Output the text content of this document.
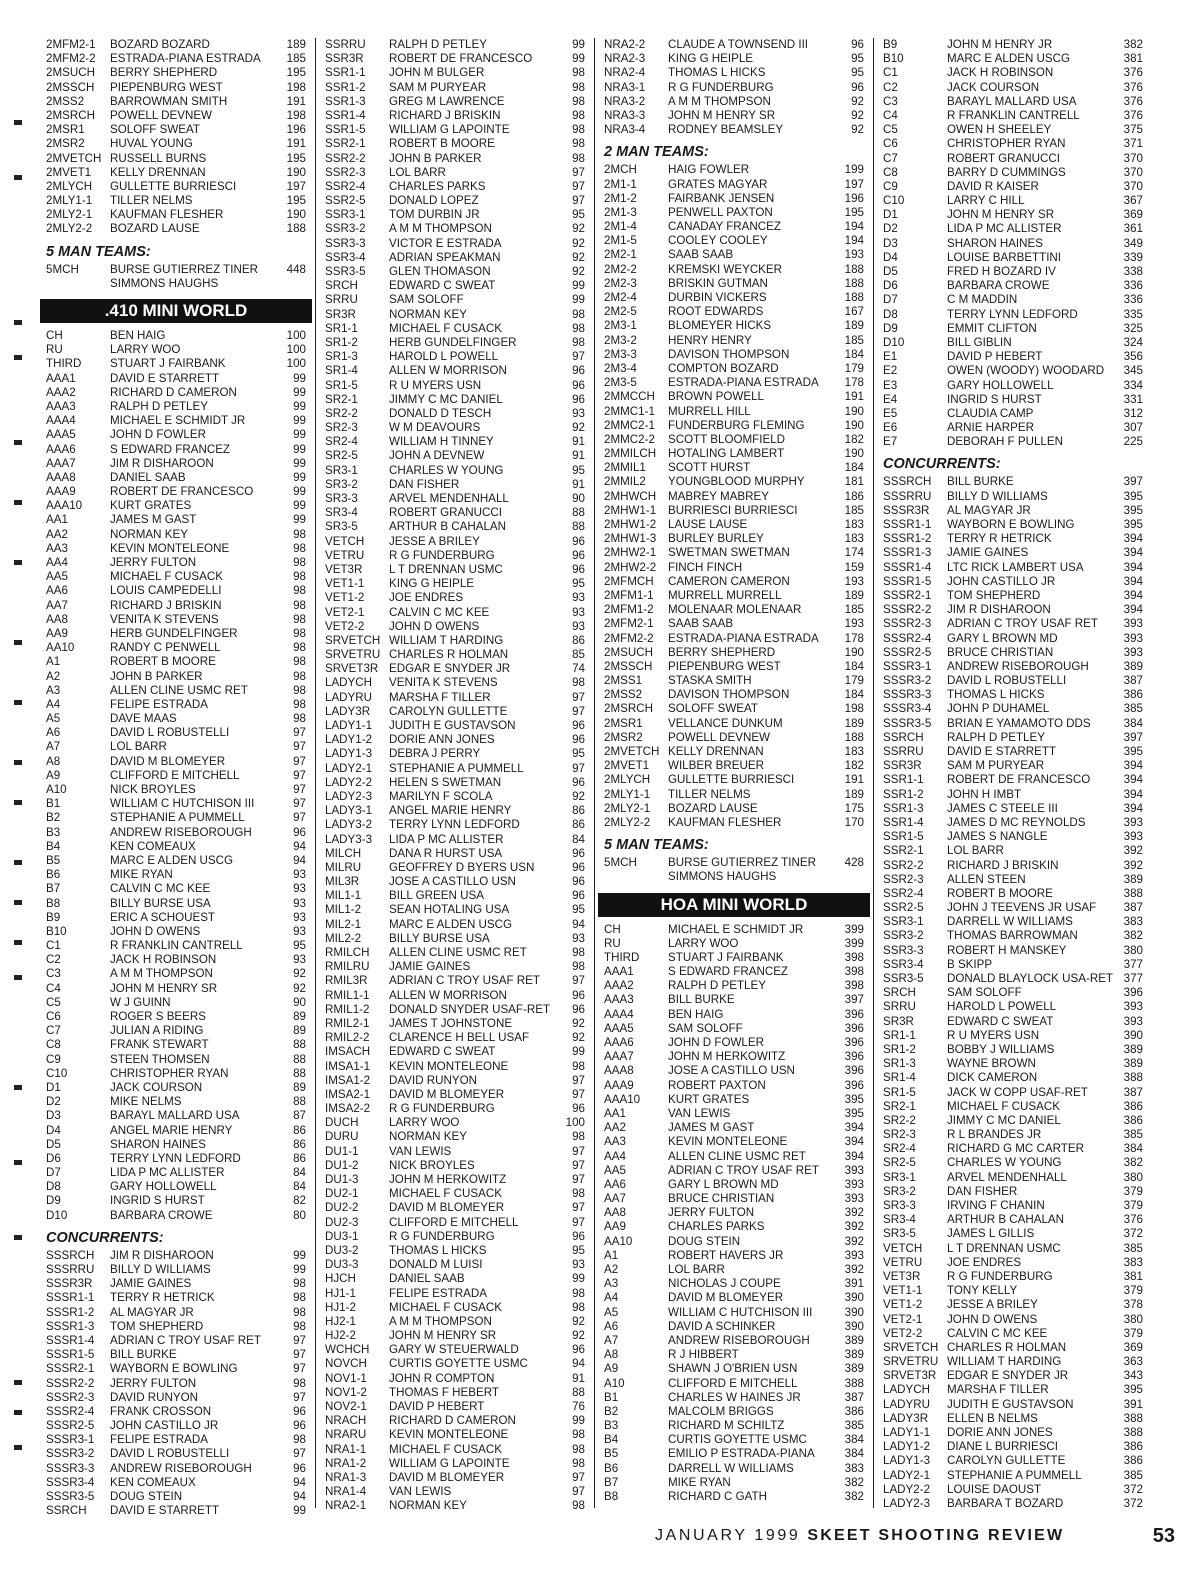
2MFM2-1	BOZARD BOZARD	189
2MFM2-2	ESTRADA-PIANA ESTRADA	185
2MSUCH	BERRY SHEPHERD	195
2MSSCH	PIEPENBURG WEST	198
2MSS2	BARROWMAN SMITH	191
2MSRCH	POWELL DEVNEW	198
2MSR1	SOLOFF SWEAT	196
2MSR2	HUVAL YOUNG	191
2MVETCH RUSSELL BURNS	195
2MVET1	KELLY DRENNAN	190
2MLYCH	GULLETTE BURRIESCI	197
2MLY1-1	TILLER NELMS	195
2MLY2-1	KAUFMAN FLESHER	190
2MLY2-2	BOZARD LAUSE	188
5 MAN TEAMS:
5MCH	BURSE GUTIERREZ TINER	448
SIMMONS HAUGHS
.410 MINI WORLD
CH	BEN HAIG	100
RU	LARRY WOO	100
THIRD	STUART J FAIRBANK	100
AAA1	DAVID E STARRETT	99
AAA2	RICHARD D CAMERON	99
AAA3	RALPH D PETLEY	99
AAA4	MICHAEL E SCHMIDT JR	99
AAA5	JOHN D FOWLER	99
AAA6	S EDWARD FRANCEZ	99
AAA7	JIM R DISHAROON	99
AAA8	DANIEL SAAB	99
AAA9	ROBERT DE FRANCESCO	99
AAA10	KURT GRATES	99
AA1	JAMES M GAST	99
AA2	NORMAN KEY	98
AA3	KEVIN MONTELEONE	98
AA4	JERRY FULTON	98
AA5	MICHAEL F CUSACK	98
AA6	LOUIS CAMPEDELLI	98
AA7	RICHARD J BRISKIN	98
AA8	VENITA K STEVENS	98
AA9	HERB GUNDELFINGER	98
AA10	RANDY C PENWELL	98
A1	ROBERT B MOORE	98
A2	JOHN B PARKER	98
A3	ALLEN CLINE USMC RET	98
A4	FELIPE ESTRADA	98
A5	DAVE MAAS	98
A6	DAVID L ROBUSTELLI	97
A7	LOL BARR	97
A8	DAVID M BLOMEYER	97
A9	CLIFFORD E MITCHELL	97
A10	NICK BROYLES	97
B1	WILLIAM C HUTCHISON III	97
B2	STEPHANIE A PUMMELL	97
B3	ANDREW RISEBOROUGH	96
B4	KEN COMEAUX	94
B5	MARC E ALDEN USCG	94
B6	MIKE RYAN	93
B7	CALVIN C MC KEE	93
B8	BILLY BURSE USA	93
B9	ERIC A SCHOUEST	93
B10	JOHN D OWENS	93
C1	R FRANKLIN CANTRELL	95
C2	JACK H ROBINSON	93
C3	A M M THOMPSON	92
C4	JOHN M HENRY SR	92
C5	W J GUINN	90
C6	ROGER S BEERS	89
C7	JULIAN A RIDING	89
C8	FRANK STEWART	88
C9	STEEN THOMSEN	88
C10	CHRISTOPHER RYAN	88
D1	JACK COURSON	89
D2	MIKE NELMS	88
D3	BARAYL MALLARD USA	87
D4	ANGEL MARIE HENRY	86
D5	SHARON HAINES	86
D6	TERRY LYNN LEDFORD	86
D7	LIDA P MC ALLISTER	84
D8	GARY HOLLOWELL	84
D9	INGRID S HURST	82
D10	BARBARA CROWE	80
CONCURRENTS:
SSSRCH	JIM R DISHAROON	99
SSSRRU	BILLY D WILLIAMS	99
SSSR3R	JAMIE GAINES	98
SSSR1-1	TERRY R HETRICK	98
SSSR1-2	AL MAGYAR JR	98
SSSR1-3	TOM SHEPHERD	98
SSSR1-4	ADRIAN C TROY USAF RET	97
SSSR1-5	BILL BURKE	97
SSSR2-1	WAYBORN E BOWLING	97
SSSR2-2	JERRY FULTON	98
SSSR2-3	DAVID RUNYON	97
SSSR2-4	FRANK CROSSON	96
SSSR2-5	JOHN CASTILLO JR	96
SSSR3-1	FELIPE ESTRADA	98
SSSR3-2	DAVID L ROBUSTELLI	97
SSSR3-3	ANDREW RISEBOROUGH	96
SSSR3-4	KEN COMEAUX	94
SSSR3-5	DOUG STEIN	94
SSRCH	DAVID E STARRETT	99
SSRRU	RALPH D PETLEY	99
SSR3R	ROBERT DE FRANCESCO	99
SSR1-1	JOHN M BULGER	98
SSR1-2	SAM M PURYEAR	98
SSR1-3	GREG M LAWRENCE	98
SSR1-4	RICHARD J BRISKIN	98
SSR1-5	WILLIAM G LAPOINTE	98
SSR2-1	ROBERT B MOORE	98
SSR2-2	JOHN B PARKER	98
SSR2-3	LOL BARR	97
SSR2-4	CHARLES PARKS	97
SSR2-5	DONALD LOPEZ	97
SSR3-1	TOM DURBIN JR	95
SSR3-2	A M M THOMPSON	92
SSR3-3	VICTOR E ESTRADA	92
SSR3-4	ADRIAN SPEAKMAN	92
SSR3-5	GLEN THOMASON	92
SRCH	EDWARD C SWEAT	99
SRRU	SAM SOLOFF	99
SR3R	NORMAN KEY	98
SR1-1	MICHAEL F CUSACK	98
SR1-2	HERB GUNDELFINGER	98
SR1-3	HAROLD L POWELL	97
SR1-4	ALLEN W MORRISON	96
SR1-5	R U MYERS USN	96
SR2-1	JIMMY C MC DANIEL	96
SR2-2	DONALD D TESCH	93
SR2-3	W M DEAVOURS	92
SR2-4	WILLIAM H TINNEY	91
SR2-5	JOHN A DEVNEW	91
SR3-1	CHARLES W YOUNG	95
SR3-2	DAN FISHER	91
SR3-3	ARVEL MENDENHALL	90
SR3-4	ROBERT GRANUCCI	88
SR3-5	ARTHUR B CAHALAN	88
VETCH	JESSE A BRILEY	96
VETRU	R G FUNDERBURG	96
VET3R	L T DRENNAN USMC	96
VET1-1	KING G HEIPLE	95
VET1-2	JOE ENDRES	93
VET2-1	CALVIN C MC KEE	93
VET2-2	JOHN D OWENS	93
SRVETCH WILLIAM T HARDING	86
SRVETRU CHARLES R HOLMAN	85
SRVET3R EDGAR E SNYDER JR	74
LADYCH	VENITA K STEVENS	98
LADYRU	MARSHA F TILLER	97
LADY3R	CAROLYN GULLETTE	97
LADY1-1	JUDITH E GUSTAVSON	96
LADY1-2	DORIE ANN JONES	96
LADY1-3	DEBRA J PERRY	95
LADY2-1	STEPHANIE A PUMMELL	97
LADY2-2	HELEN S SWETMAN	96
LADY2-3	MARILYN F SCOLA	92
LADY3-1	ANGEL MARIE HENRY	86
LADY3-2	TERRY LYNN LEDFORD	86
LADY3-3	LIDA P MC ALLISTER	84
MILCH	DANA R HURST USA	96
MILRU	GEOFFREY D BYERS USN	96
MIL3R	JOSE A CASTILLO USN	96
MIL1-1	BILL GREEN USA	96
MIL1-2	SEAN HOTALING USA	95
MIL2-1	MARC E ALDEN USCG	94
MIL2-2	BILLY BURSE USA	93
RMILCH	ALLEN CLINE USMC RET	98
RMILRU	JAMIE GAINES	98
RMIL3R	ADRIAN C TROY USAF RET	97
RMIL1-1	ALLEN W MORRISON	96
RMIL1-2	DONALD SNYDER USAF-RET	96
RMIL2-1	JAMES T JOHNSTONE	92
RMIL2-2	CLARENCE H BELL USAF	92
IMSACH	EDWARD C SWEAT	99
IMSA1-1	KEVIN MONTELEONE	98
IMSA1-2	DAVID RUNYON	97
IMSA2-1	DAVID M BLOMEYER	97
IMSA2-2	R G FUNDERBURG	96
DUCH	LARRY WOO	100
DURU	NORMAN KEY	98
DU1-1	VAN LEWIS	97
DU1-2	NICK BROYLES	97
DU1-3	JOHN M HERKOWITZ	97
DU2-1	MICHAEL F CUSACK	98
DU2-2	DAVID M BLOMEYER	97
DU2-3	CLIFFORD E MITCHELL	97
DU3-1	R G FUNDERBURG	96
DU3-2	THOMAS L HICKS	95
DU3-3	DONALD M LUISI	93
HJCH	DANIEL SAAB	99
HJ1-1	FELIPE ESTRADA	98
HJ1-2	MICHAEL F CUSACK	98
HJ2-1	A M M THOMPSON	92
HJ2-2	JOHN M HENRY SR	92
WCHCH	GARY W STEUERWALD	96
NOVCH	CURTIS GOYETTE USMC	94
NOV1-1	JOHN R COMPTON	91
NOV1-2	THOMAS F HEBERT	88
NOV2-1	DAVID P HEBERT	76
NRACH	RICHARD D CAMERON	99
NRARU	KEVIN MONTELEONE	98
NRA1-1	MICHAEL F CUSACK	98
NRA1-2	WILLIAM G LAPOINTE	98
NRA1-3	DAVID M BLOMEYER	97
NRA1-4	VAN LEWIS	97
NRA2-1	NORMAN KEY	98
NRA2-2	CLAUDE A TOWNSEND III	96
NRA2-3	KING G HEIPLE	95
NRA2-4	THOMAS L HICKS	95
NRA3-1	R G FUNDERBURG	96
NRA3-2	A M M THOMPSON	92
NRA3-3	JOHN M HENRY SR	92
NRA3-4	RODNEY BEAMSLEY	92
2 MAN TEAMS:
2MCH	HAIG FOWLER	199
2M1-1	GRATES MAGYAR	197
2M1-2	FAIRBANK JENSEN	196
2M1-3	PENWELL PAXTON	195
2M1-4	CANADAY FRANCEZ	194
2M1-5	COOLEY COOLEY	194
2M2-1	SAAB SAAB	193
2M2-2	KREMSKI WEYCKER	188
2M2-3	BRISKIN GUTMAN	188
2M2-4	DURBIN VICKERS	188
2M2-5	ROOT EDWARDS	167
2M3-1	BLOMEYER HICKS	189
2M3-2	HENRY HENRY	185
2M3-3	DAVISON THOMPSON	184
2M3-4	COMPTON BOZARD	179
2M3-5	ESTRADA-PIANA ESTRADA	178
2MMCCH	BROWN POWELL	191
2MMC1-1	MURRELL HILL	190
2MMC2-1	FUNDERBURG FLEMING	190
2MMC2-2	SCOTT BLOOMFIELD	182
2MMILCH	HOTALING LAMBERT	190
2MMIL1	SCOTT HURST	184
2MMIL2	YOUNGBLOOD MURPHY	181
2MHWCH	MABREY MABREY	186
2MHW1-1	BURRIESCI BURRIESCI	185
2MHW1-2	LAUSE LAUSE	183
2MHW1-3	BURLEY BURLEY	183
2MHW2-1	SWETMAN SWETMAN	174
2MHW2-2	FINCH FINCH	159
2MFMCH	CAMERON CAMERON	193
2MFM1-1	MURRELL MURRELL	189
2MFM1-2	MOLENAAR MOLENAAR	185
2MFM2-1	SAAB SAAB	193
2MFM2-2	ESTRADA-PIANA ESTRADA	178
2MSUCH	BERRY SHEPHERD	190
2MSSCH	PIEPENBURG WEST	184
2MSS1	STASKA SMITH	179
2MSS2	DAVISON THOMPSON	184
2MSRCH	SOLOFF SWEAT	198
2MSR1	VELLANCE DUNKUM	189
2MSR2	POWELL DEVNEW	188
2MVETCH KELLY DRENNAN	183
2MVET1	WILBER BREUER	182
2MLYCH	GULLETTE BURRIESCI	191
2MLY1-1	TILLER NELMS	189
2MLY2-1	BOZARD LAUSE	175
2MLY2-2	KAUFMAN FLESHER	170
5 MAN TEAMS:
5MCH	BURSE GUTIERREZ TINER	428
SIMMONS HAUGHS
HOA MINI WORLD
CH	MICHAEL E SCHMIDT JR	399
RU	LARRY WOO	399
THIRD	STUART J FAIRBANK	398
AAA1	S EDWARD FRANCEZ	398
AAA2	RALPH D PETLEY	398
AAA3	BILL BURKE	397
AAA4	BEN HAIG	396
AAA5	SAM SOLOFF	396
AAA6	JOHN D FOWLER	396
AAA7	JOHN M HERKOWITZ	396
AAA8	JOSE A CASTILLO USN	396
AAA9	ROBERT PAXTON	396
AAA10	KURT GRATES	395
AA1	VAN LEWIS	395
AA2	JAMES M GAST	394
AA3	KEVIN MONTELEONE	394
AA4	ALLEN CLINE USMC RET	394
AA5	ADRIAN C TROY USAF RET	393
AA6	GARY L BROWN MD	393
AA7	BRUCE CHRISTIAN	393
AA8	JERRY FULTON	392
AA9	CHARLES PARKS	392
AA10	DOUG STEIN	392
A1	ROBERT HAVERS JR	393
A2	LOL BARR	392
A3	NICHOLAS J COUPE	391
A4	DAVID M BLOMEYER	390
A5	WILLIAM C HUTCHISON III	390
A6	DAVID A SCHINKER	390
A7	ANDREW RISEBOROUGH	389
A8	R J HIBBERT	389
A9	SHAWN J O'BRIEN USN	389
A10	CLIFFORD E MITCHELL	388
B1	CHARLES W HAINES JR	387
B2	MALCOLM BRIGGS	386
B3	RICHARD M SCHILTZ	385
B4	CURTIS GOYETTE USMC	384
B5	EMILIO P ESTRADA-PIANA	384
B6	DARRELL W WILLIAMS	383
B7	MIKE RYAN	382
B8	RICHARD C GATH	382
B9	JOHN M HENRY JR	382
B10	MARC E ALDEN USCG	381
C1	JACK H ROBINSON	376
C2	JACK COURSON	376
C3	BARAYL MALLARD USA	376
C4	R FRANKLIN CANTRELL	376
C5	OWEN H SHEELEY	375
C6	CHRISTOPHER RYAN	371
C7	ROBERT GRANUCCI	370
C8	BARRY D CUMMINGS	370
C9	DAVID R KAISER	370
C10	LARRY C HILL	367
D1	JOHN M HENRY SR	369
D2	LIDA P MC ALLISTER	361
D3	SHARON HAINES	349
D4	LOUISE BARBETTINI	339
D5	FRED H BOZARD IV	338
D6	BARBARA CROWE	336
D7	C M MADDIN	336
D8	TERRY LYNN LEDFORD	335
D9	EMMIT CLIFTON	325
D10	BILL GIBLIN	324
E1	DAVID P HEBERT	356
E2	OWEN (WOODY) WOODARD	345
E3	GARY HOLLOWELL	334
E4	INGRID S HURST	331
E5	CLAUDIA CAMP	312
E6	ARNIE HARPER	307
E7	DEBORAH F PULLEN	225
CONCURRENTS:
SSSRCH	BILL BURKE	397
SSSRRU	BILLY D WILLIAMS	395
SSSR3R	AL MAGYAR JR	395
SSSR1-1	WAYBORN E BOWLING	395
SSSR1-2	TERRY R HETRICK	394
SSSR1-3	JAMIE GAINES	394
SSSR1-4	LTC RICK LAMBERT USA	394
SSSR1-5	JOHN CASTILLO JR	394
SSSR2-1	TOM SHEPHERD	394
SSSR2-2	JIM R DISHAROON	394
SSSR2-3	ADRIAN C TROY USAF RET	393
SSSR2-4	GARY L BROWN MD	393
SSSR2-5	BRUCE CHRISTIAN	393
SSSR3-1	ANDREW RISEBOROUGH	389
SSSR3-2	DAVID L ROBUSTELLI	387
SSSR3-3	THOMAS L HICKS	386
SSSR3-4	JOHN P DUHAMEL	385
SSSR3-5	BRIAN E YAMAMOTO DDS	384
SSRCH	RALPH D PETLEY	397
SSRRU	DAVID E STARRETT	395
SSR3R	SAM M PURYEAR	394
SSR1-1	ROBERT DE FRANCESCO	394
SSR1-2	JOHN H IMBT	394
SSR1-3	JAMES C STEELE III	394
SSR1-4	JAMES D MC REYNOLDS	393
SSR1-5	JAMES S NANGLE	393
SSR2-1	LOL BARR	392
SSR2-2	RICHARD J BRISKIN	392
SSR2-3	ALLEN STEEN	389
SSR2-4	ROBERT B MOORE	388
SSR2-5	JOHN J TEEVENS JR USAF	387
SSR3-1	DARRELL W WILLIAMS	383
SSR3-2	THOMAS BARROWMAN	382
SSR3-3	ROBERT H MANSKEY	380
SSR3-4	B SKIPP	377
SSR3-5	DONALD BLAYLOCK USA-RET 377
SRCH	SAM SOLOFF	396
SRRU	HAROLD L POWELL	393
SR3R	EDWARD C SWEAT	393
SR1-1	R U MYERS USN	390
SR1-2	BOBBY J WILLIAMS	389
SR1-3	WAYNE BROWN	389
SR1-4	DICK CAMERON	388
SR1-5	JACK W COPP USAF-RET	387
SR2-1	MICHAEL F CUSACK	386
SR2-2	JIMMY C MC DANIEL	386
SR2-3	R L BRANDES JR	385
SR2-4	RICHARD G MC CARTER	384
SR2-5	CHARLES W YOUNG	382
SR3-1	ARVEL MENDENHALL	380
SR3-2	DAN FISHER	379
SR3-3	IRVING F CHANIN	379
SR3-4	ARTHUR B CAHALAN	376
SR3-5	JAMES L GILLIS	372
VETCH	L T DRENNAN USMC	385
VETRU	JOE ENDRES	383
VET3R	R G FUNDERBURG	381
VET1-1	TONY KELLY	379
VET1-2	JESSE A BRILEY	378
VET2-1	JOHN D OWENS	380
VET2-2	CALVIN C MC KEE	379
SRVETCH CHARLES R HOLMAN	369
SRVETRU WILLIAM T HARDING	363
SRVET3R EDGAR E SNYDER JR	343
LADYCH	MARSHA F TILLER	395
LADYRU	JUDITH E GUSTAVSON	391
LADY3R	ELLEN B NELMS	388
LADY1-1	DORIE ANN JONES	388
LADY1-2	DIANE L BURRIESCI	386
LADY1-3	CAROLYN GULLETTE	386
LADY2-1	STEPHANIE A PUMMELL	385
LADY2-2	LOUISE DAOUST	372
LADY2-3	BARBARA T BOZARD	372
JANUARY 1999 SKEET SHOOTING REVIEW	53
